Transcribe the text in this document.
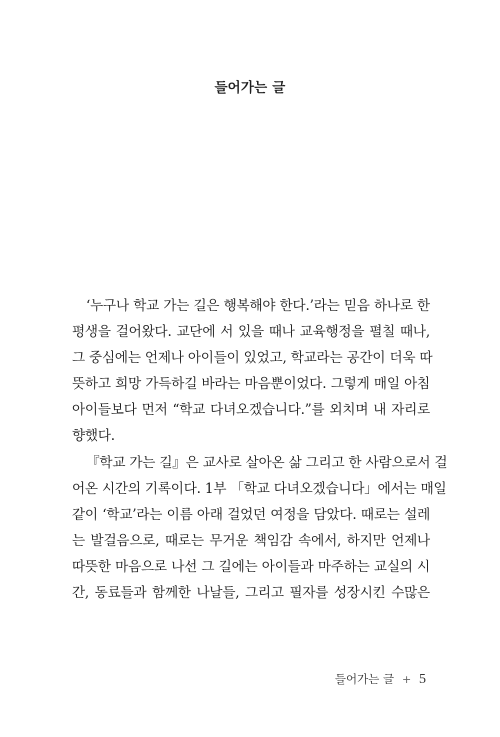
들어가는 글
‘누구나 학교 가는 길은 행복해야 한다.’라는 믿음 하나로 한
평생을 걸어왔다. 교단에 서 있을 때나 교육행정을 펼칠 때나,
그 중심에는 언제나 아이들이 있었고, 학교라는 공간이 더욱 따
뜻하고 희망 가득하길 바라는 마음뿐이었다. 그렇게 매일 아침
아이들보다 먼저 “학교 다녀오겠습니다.”를 외치며 내 자리로
향했다.
『학교 가는 길』은 교사로 살아온 삶 그리고 한 사람으로서 걸
어온 시간의 기록이다. 1부 「학교 다녀오겠습니다」에서는 매일
같이 ‘학교’라는 이름 아래 걸었던 여정을 담았다. 때로는 설레
는 발걸음으로, 때로는 무거운 책임감 속에서, 하지만 언제나
따뜻한 마음으로 나선 그 길에는 아이들과 마주하는 교실의 시
간, 동료들과 함께한 나날들, 그리고 필자를 성장시킨 수많은
들어가는 글 + 5
